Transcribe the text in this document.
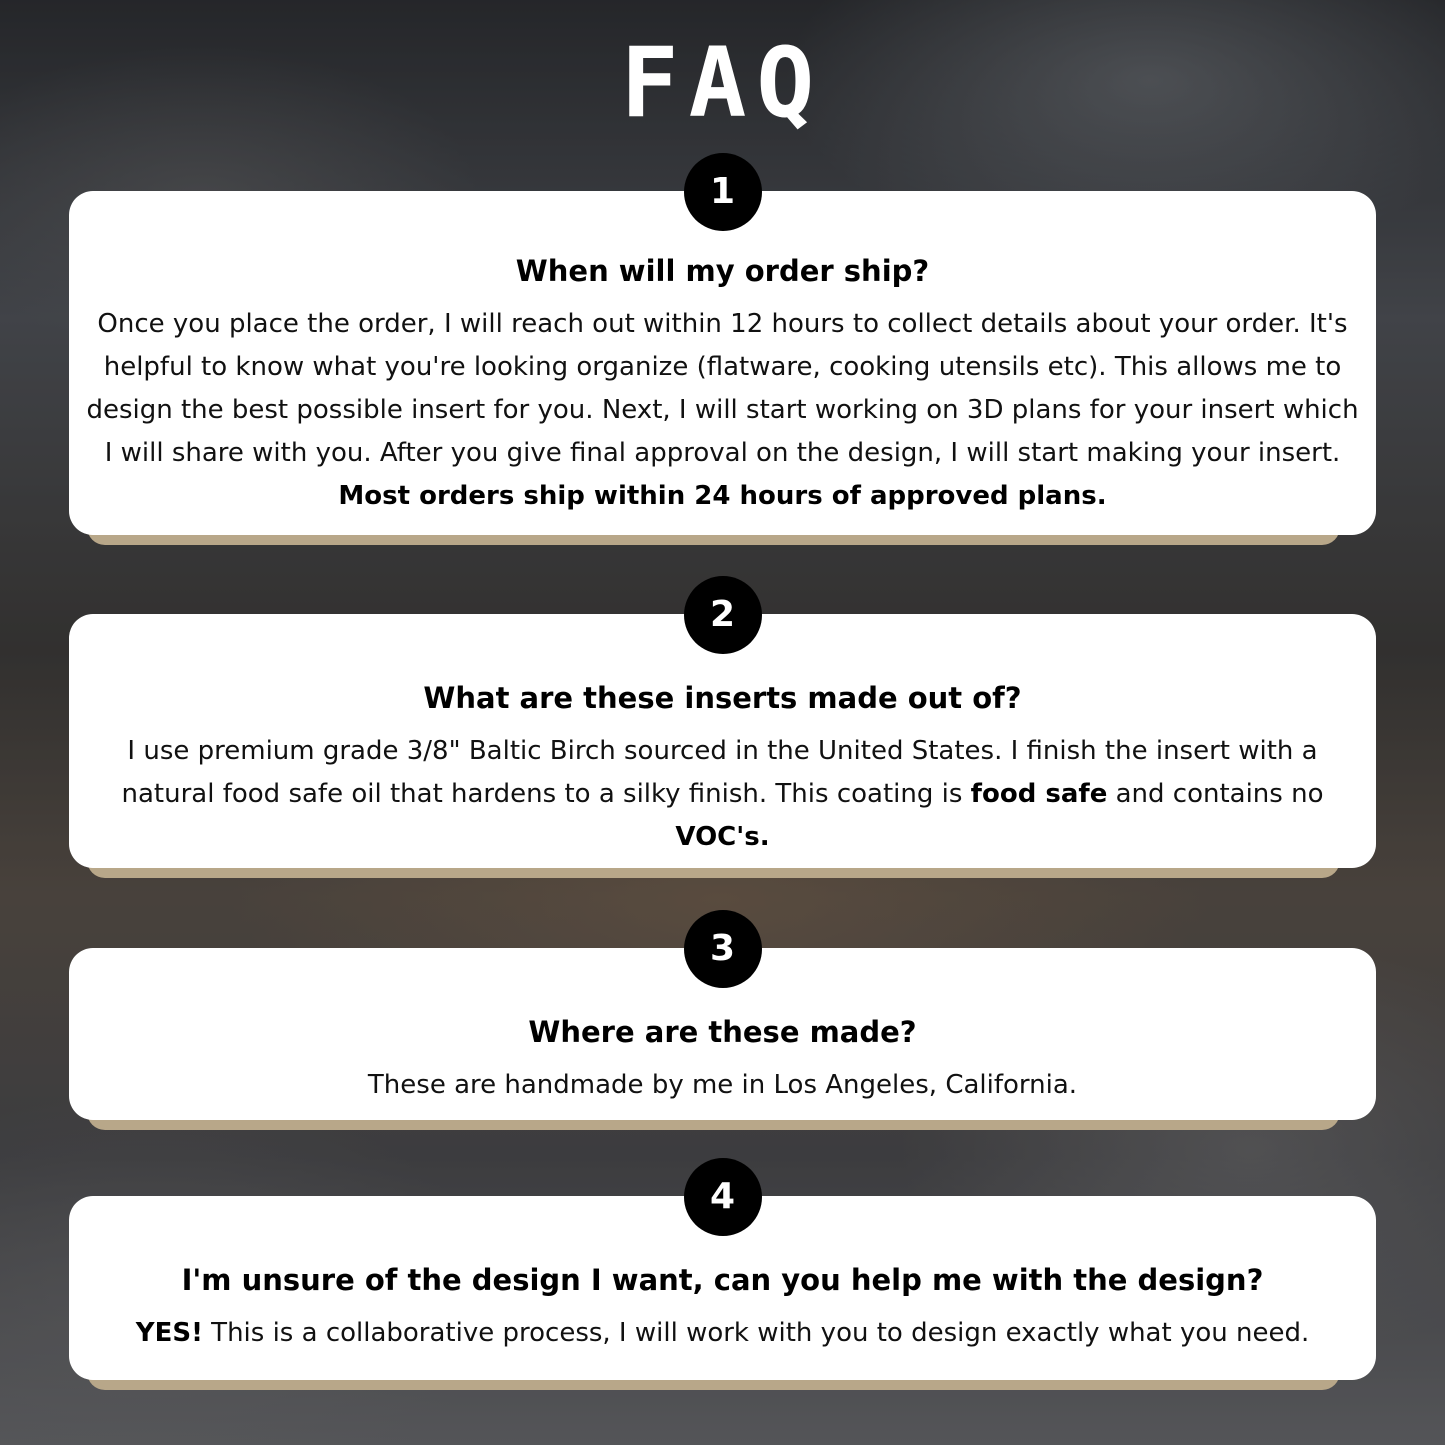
FAQ
1

When will my order ship?

Once you place the order, I will reach out within 12 hours to collect details about your order. It's

helpful to know what you're looking organize (flatware, cooking utensils etc). This allows me to

design the best possible insert for you. Next, I will start working on 3D plans for your insert which

I will share with you. After you give final approval on the design, I will start making your insert.

Most orders ship within 24 hours of approved plans.

2

What are these inserts made out of?

I use premium grade 3/8" Baltic Birch sourced in the United States. I finish the insert with a

natural food safe oil that hardens to a silky finish. This coating is food safe and contains no

VOC's.

3

Where are these made?

These are handmade by me in Los Angeles, California.

4

I'm unsure of the design I want, can you help me with the design?

YES! This is a collaborative process, I will work with you to design exactly what you need.
